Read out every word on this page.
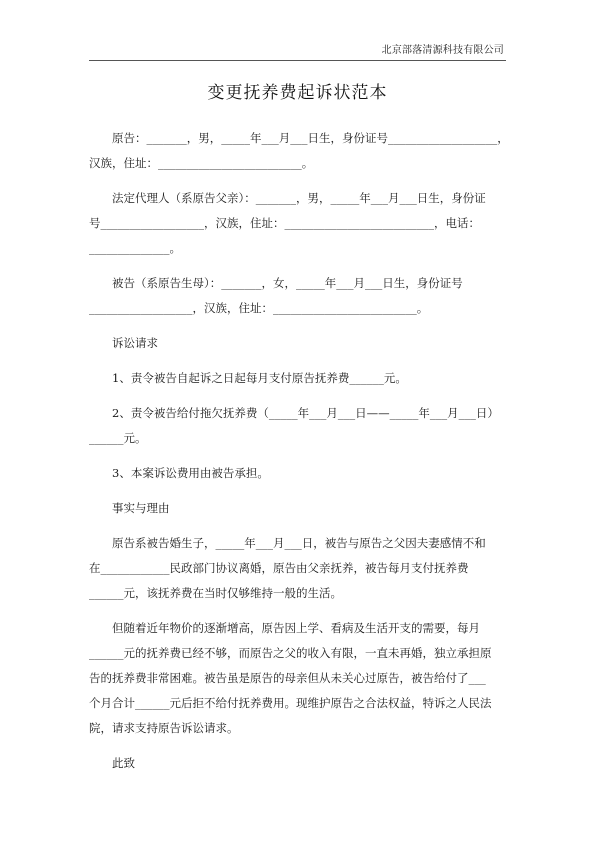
北京部落清源科技有限公司
变更抚养费起诉状范本
原告：_______，男，_____年___月___日生，身份证号___________________，
汉族，住址：_________________________。
法定代理人（系原告父亲）：_______，男，_____年___月___日生，身份证
号__________________，汉族，住址：__________________________，电话：
______________。
被告（系原告生母）：_______，女，_____年___月___日生，身份证号
__________________，汉族，住址：_________________________。
诉讼请求
1、责令被告自起诉之日起每月支付原告抚养费______元。
2、责令被告给付拖欠抚养费（_____年___月___日——_____年___月___日）
______元。
3、本案诉讼费用由被告承担。
事实与理由
原告系被告婚生子，_____年___月___日，被告与原告之父因夫妻感情不和
在____________民政部门协议离婚，原告由父亲抚养，被告每月支付抚养费
______元，该抚养费在当时仅够维持一般的生活。
但随着近年物价的逐渐增高，原告因上学、看病及生活开支的需要，每月
______元的抚养费已经不够，而原告之父的收入有限，一直未再婚，独立承担原
告的抚养费非常困难。被告虽是原告的母亲但从未关心过原告，被告给付了___
个月合计______元后拒不给付抚养费用。现维护原告之合法权益，特诉之人民法
院，请求支持原告诉讼请求。
此致
